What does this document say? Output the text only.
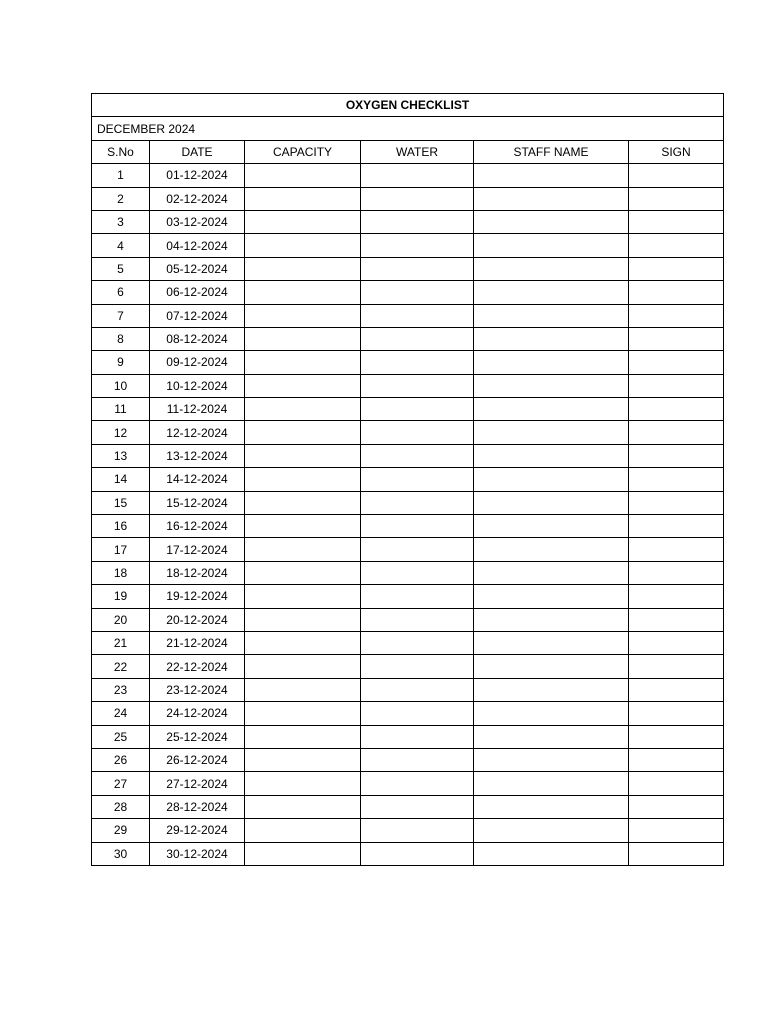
OXYGEN CHECKLIST					
DECEMBER 2024					
S.No	DATE	CAPACITY	WATER	STAFF NAME	SIGN
1	01-12-2024				
2	02-12-2024				
3	03-12-2024				
4	04-12-2024				
5	05-12-2024				
6	06-12-2024				
7	07-12-2024				
8	08-12-2024				
9	09-12-2024				
10	10-12-2024				
11	11-12-2024				
12	12-12-2024				
13	13-12-2024				
14	14-12-2024				
15	15-12-2024				
16	16-12-2024				
17	17-12-2024				
18	18-12-2024				
19	19-12-2024				
20	20-12-2024				
21	21-12-2024				
22	22-12-2024				
23	23-12-2024				
24	24-12-2024				
25	25-12-2024				
26	26-12-2024				
27	27-12-2024				
28	28-12-2024				
29	29-12-2024				
30	30-12-2024				
